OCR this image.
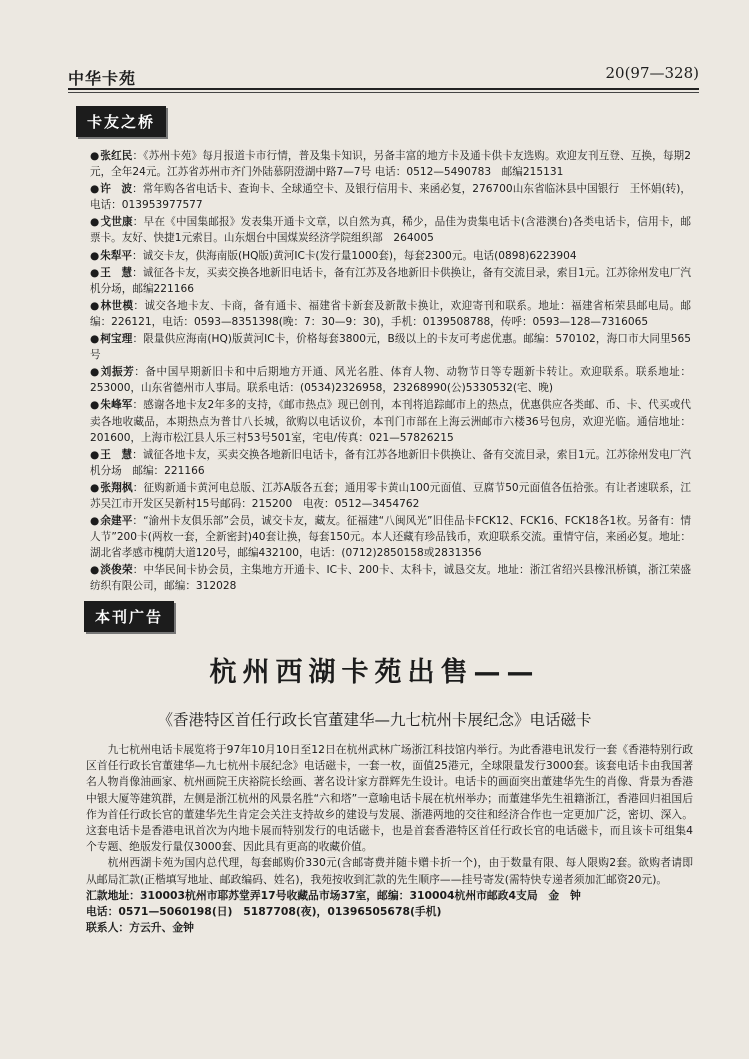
中华卡苑	20(97—328)
卡友之桥
●张红民：《苏州卡苑》每月报道卡市行情，普及集卡知识，另备丰富的地方卡及通卡供卡友选购。欢迎友刊互登、互换，每期2元，全年24元。江苏省苏州市齐门外陆慕阴澄湖中路7—7号 电话：0512—5490783　邮编215131
●许　波：常年购各省电话卡、查询卡、全球通空卡、及银行信用卡、来函必复，276700山东省临沐县中国银行　王怀娟(转)，电话：013953977577
●戈世康：早在《中国集邮报》发表集开通卡文章，以自然为真，稀少，品佳为贵集电话卡(含港澳台)各类电话卡，信用卡，邮票卡。友好、快捷1元索目。山东烟台中国煤炭经济学院组织部　264005
●朱犁平：诚交卡友，供海南版(HQ版)黄河IC卡(发行量1000套)，每套2300元。电话(0898)6223904
●王　慧：诚征各卡友，买卖交换各地新旧电话卡，备有江苏及各地新旧卡供换让，备有交流目录，索目1元。江苏徐州发电厂汽机分场，邮编221166
●林世模：诚交各地卡友、卡商，备有通卡、福建省卡新套及新散卡换让，欢迎寄刊和联系。地址：福建省柘荣县邮电局。邮编：226121，电话：0593—8351398(晚：7：30—9：30)，手机：0139508788，传呼：0593—128—7316065
●柯宝理：限量供应海南(HQ)版黄河IC卡，价格每套3800元，B级以上的卡友可考虑优惠。邮编：570102，海口市大同里565号
●刘振芳：备中国早期新旧卡和中后期地方开通、风光名胜、体育人物、动物节日等专题新卡转让。欢迎联系。联系地址：253000，山东省德州市人事局。联系电话：(0534)2326958，23268990(公)5330532(宅、晚)
●朱峰军：感谢各地卡友2年多的支持，《邮市热点》现已创刊，本刊将追踪邮市上的热点，优惠供应各类邮、币、卡、代买或代卖各地收藏品，本期热点为普廿八长城，欲购以电话议价，本刊门市部在上海云洲邮市六楼36号包房，欢迎光临。通信地址：201600，上海市松江县人乐三村53号501室，宅电/传真：021—57826215
●王　慧：诚征各地卡友，买卖交换各地新旧电话卡，备有江苏各地新旧卡供换让、备有交流目录，索目1元。江苏徐州发电厂汽机分场　邮编：221166
●张翔枫：征购新通卡黄河电总版、江苏A版各五套；通用零卡黄山100元面值、豆腐节50元面值各伍拾张。有让者速联系，江苏吴江市开发区吴新村15号邮码：215200　电夜：0512—3454762
●余建平：“渝州卡友俱乐部”会员，诚交卡友，藏友。征福建“八闽风光”旧佳品卡FCK12、FCK16、FCK18各1枚。另备有：情人节”200卡(两枚一套，全新密封)40套让换，每套150元。本人还藏有珍品钱币，欢迎联系交流。重情守信，来函必复。地址：湖北省孝感市槐荫大道120号，邮编432100，电话：(0712)2850158或2831356
●淡俊荣：中华民间卡协会员，主集地方开通卡、IC卡、200卡、太科卡，诚恳交友。地址：浙江省绍兴县橡汛桥镇，浙江荣盛纺织有限公司，邮编：312028
本刊广告
杭州西湖卡苑出售——
《香港特区首任行政长官董建华—九七杭州卡展纪念》电话磁卡

九七杭州电话卡展览将于97年10月10日至12日在杭州武林广场浙江科技馆内举行。为此香港电讯发行一套《香港特别行政区首任行政长官董建华—九七杭州卡展纪念》电话磁卡，一套一枚，面值25港元，全球限量发行3000套。该套电话卡由我国著名人物肖像油画家、杭州画院王庆裕院长绘画、著名设计家方群辉先生设计。电话卡的画面突出董建华先生的肖像、背景为香港中银大厦等建筑群，左侧是浙江杭州的风景名胜“六和塔”一意喻电话卡展在杭州举办；而董建华先生祖籍浙江，香港回归祖国后作为首任行政长官的董建华先生肯定会关注支持故乡的建设与发展、浙港两地的交往和经济合作也一定更加广泛，密切、深入。这套电话卡是香港电讯首次为内地卡展而特别发行的电话磁卡，也是首套香港特区首任行政长官的电话磁卡，而且该卡可组集4个专题、绝版发行量仅3000套、因此具有更高的收藏价值。

杭州西湖卡苑为国内总代理，每套邮购价330元(含邮寄费并随卡赠卡折一个)，由于数量有限、每人限购2套。欲购者请即从邮局汇款(正楷填写地址、邮政编码、姓名)，我苑按收到汇款的先生顺序——挂号寄发(需特快专递者须加汇邮资20元)。

汇款地址：310003杭州市耶苏堂弄17号收藏品市场37室，邮编：310004杭州市邮政4支局　金　钟

电话：0571—5060198(日)　5187708(夜)，01396505678(手机)

联系人：方云升、金钟
